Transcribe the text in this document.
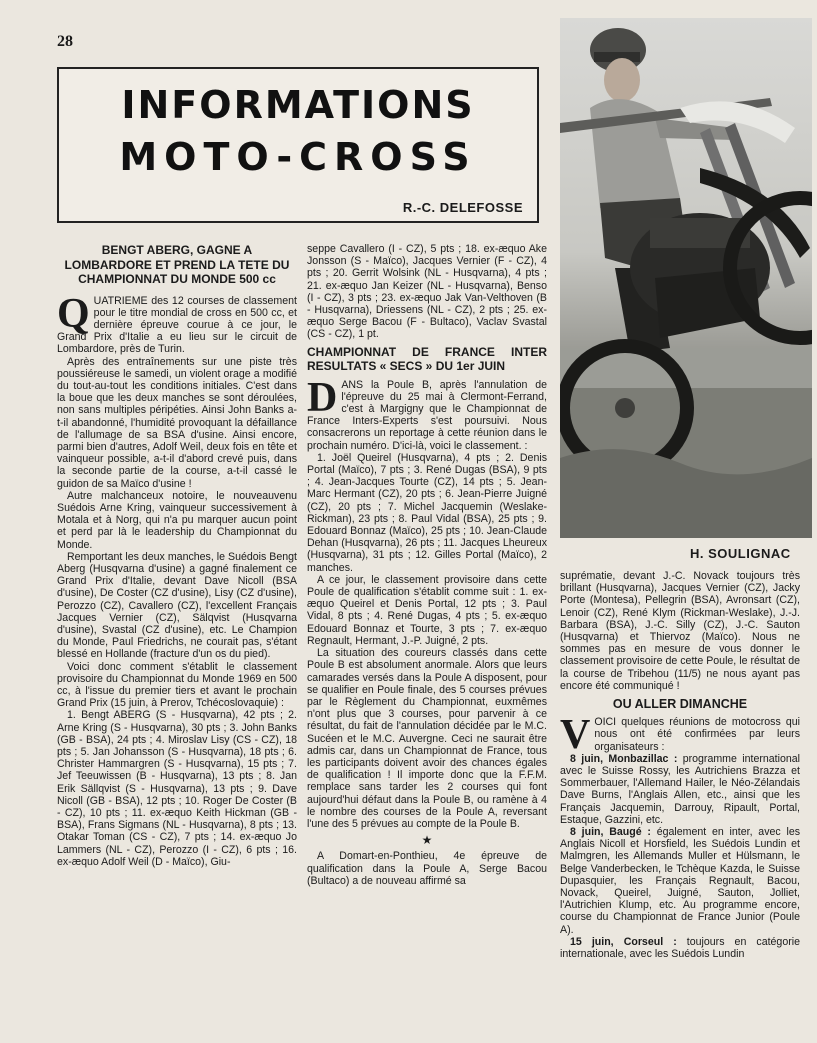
28
INFORMATIONS
MOTO-CROSS
R.-C. DELEFOSSE
H. SOULIGNAC
BENGT ABERG, GAGNE A LOMBARDORE ET PREND LA TETE DU CHAMPIONNAT DU MONDE 500 cc

QUATRIEME des 12 courses de classement pour le titre mondial de cross en 500 cc, et dernière épreuve courue à ce jour, le Grand Prix d'Italie a eu lieu sur le circuit de Lombardore, près de Turin.

Après des entraînements sur une piste très poussiéreuse le samedi, un violent orage a modifié du tout-au-tout les conditions initiales. C'est dans la boue que les deux manches se sont déroulées, non sans multiples péripéties. Ainsi John Banks a-t-il abandonné, l'humidité provoquant la défaillance de l'allumage de sa BSA d'usine. Ainsi encore, parmi bien d'autres, Adolf Weil, deux fois en tête et vainqueur possible, a-t-il d'abord crevé puis, dans la seconde partie de la course, a-t-il cassé le guidon de sa Maïco d'usine !

Autre malchanceux notoire, le nouveauvenu Suédois Arne Kring, vainqueur successivement à Motala et à Norg, qui n'a pu marquer aucun point et perd par là le leadership du Championnat du Monde.

Remportant les deux manches, le Suédois Bengt Aberg (Husqvarna d'usine) a gagné finalement ce Grand Prix d'Italie, devant Dave Nicoll (BSA d'usine), De Coster (CZ d'usine), Lisy (CZ d'usine), Perozzo (CZ), Cavallero (CZ), l'excellent Français Jacques Vernier (CZ), Sälqvist (Husqvarna d'usine), Svastal (CZ d'usine), etc. Le Champion du Monde, Paul Friedrichs, ne courait pas, s'étant blessé en Hollande (fracture d'un os du pied).

Voici donc comment s'établit le classement provisoire du Championnat du Monde 1969 en 500 cc, à l'issue du premier tiers et avant le prochain Grand Prix (15 juin, à Prerov, Tchécoslovaquie) :

1. Bengt ABERG (S - Husqvarna), 42 pts ; 2. Arne Kring (S - Husqvarna), 30 pts ; 3. John Banks (GB - BSA), 24 pts ; 4. Miroslav Lisy (CS - CZ), 18 pts ; 5. Jan Johansson (S - Husqvarna), 18 pts ; 6. Christer Hammargren (S - Husqvarna), 15 pts ; 7. Jef Teeuwissen (B - Husqvarna), 13 pts ; 8. Jan Erik Sällqvist (S - Husqvarna), 13 pts ; 9. Dave Nicoll (GB - BSA), 12 pts ; 10. Roger De Coster (B - CZ), 10 pts ; 11. ex-æquo Keith Hickman (GB - BSA), Frans Sigmans (NL - Husqvarna), 8 pts ; 13. Otakar Toman (CS - CZ), 7 pts ; 14. ex-æquo Jo Lammers (NL - CZ), Perozzo (I - CZ), 6 pts ; 16. ex-æquo Adolf Weil (D - Maïco), Giu-

seppe Cavallero (I - CZ), 5 pts ; 18. ex-æquo Ake Jonsson (S - Maïco), Jacques Vernier (F - CZ), 4 pts ; 20. Gerrit Wolsink (NL - Husqvarna), 4 pts ; 21. ex-æquo Jan Keizer (NL - Husqvarna), Benso (I - CZ), 3 pts ; 23. ex-æquo Jak Van-Velthoven (B - Husqvarna), Driessens (NL - CZ), 2 pts ; 25. ex-æquo Serge Bacou (F - Bultaco), Vaclav Svastal (CS - CZ), 1 pt.

CHAMPIONNAT DE FRANCE INTER RESULTATS « SECS » DU 1er JUIN

DANS la Poule B, après l'annulation de l'épreuve du 25 mai à Clermont-Ferrand, c'est à Margigny que le Championnat de France Inters-Experts s'est poursuivi. Nous consacrerons un reportage à cette réunion dans le prochain numéro. D'ici-là, voici le classement. :

1. Joël Queirel (Husqvarna), 4 pts ; 2. Denis Portal (Maïco), 7 pts ; 3. René Dugas (BSA), 9 pts ; 4. Jean-Jacques Tourte (CZ), 14 pts ; 5. Jean-Marc Hermant (CZ), 20 pts ; 6. Jean-Pierre Juigné (CZ), 20 pts ; 7. Michel Jacquemin (Weslake-Rickman), 23 pts ; 8. Paul Vidal (BSA), 25 pts ; 9. Edouard Bonnaz (Maïco), 25 pts ; 10. Jean-Claude Dehan (Husqvarna), 26 pts ; 11. Jacques Lheureux (Husqvarna), 31 pts ; 12. Gilles Portal (Maïco), 2 manches.

A ce jour, le classement provisoire dans cette Poule de qualification s'établit comme suit : 1. ex-æquo Queirel et Denis Portal, 12 pts ; 3. Paul Vidal, 8 pts ; 4. René Dugas, 4 pts ; 5. ex-æquo Edouard Bonnaz et Tourte, 3 pts ; 7. ex-æquo Regnault, Hermant, J.-P. Juigné, 2 pts.

La situation des coureurs classés dans cette Poule B est absolument anormale. Alors que leurs camarades versés dans la Poule A disposent, pour se qualifier en Poule finale, des 5 courses prévues par le Règlement du Championnat, euxmêmes n'ont plus que 3 courses, pour parvenir à ce résultat, du fait de l'annulation décidée par le M.C. Sucéen et le M.C. Auvergne. Ceci ne saurait être admis car, dans un Championnat de France, tous les participants doivent avoir des chances égales de qualification ! Il importe donc que la F.F.M. remplace sans tarder les 2 courses qui font aujourd'hui défaut dans la Poule B, ou ramène à 4 le nombre des courses de la Poule A, reversant l'une des 5 prévues au compte de la Poule B.

★

A Domart-en-Ponthieu, 4e épreuve de qualification dans la Poule A, Serge Bacou (Bultaco) a de nouveau affirmé sa

suprématie, devant J.-C. Novack toujours très brillant (Husqvarna), Jacques Vernier (CZ), Jacky Porte (Montesa), Pellegrin (BSA), Avronsart (CZ), Lenoir (CZ), René Klym (Rickman-Weslake), J.-J. Barbara (BSA), J.-C. Silly (CZ), J.-C. Sauton (Husqvarna) et Thiervoz (Maïco). Nous ne sommes pas en mesure de vous donner le classement provisoire de cette Poule, le résultat de la course de Tribehou (11/5) ne nous ayant pas encore été communiqué !

OU ALLER DIMANCHE

VOICI quelques réunions de motocross qui nous ont été confirmées par leurs organisateurs :

8 juin, Monbazillac : programme international avec le Suisse Rossy, les Autrichiens Brazza et Sommerbauer, l'Allemand Hailer, le Néo-Zélandais Dave Burns, l'Anglais Allen, etc., ainsi que les Français Jacquemin, Darrouy, Ripault, Portal, Estaque, Gazzini, etc.

8 juin, Baugé : également en inter, avec les Anglais Nicoll et Horsfield, les Suédois Lundin et Malmgren, les Allemands Muller et Hülsmann, le Belge Vanderbecken, le Tchèque Kazda, le Suisse Dupasquier, les Français Regnault, Bacou, Novack, Queirel, Juigné, Sauton, Jolliet, l'Autrichien Klump, etc. Au programme encore, course du Championnat de France Junior (Poule A).

15 juin, Corseul : toujours en catégorie internationale, avec les Suédois Lundin
